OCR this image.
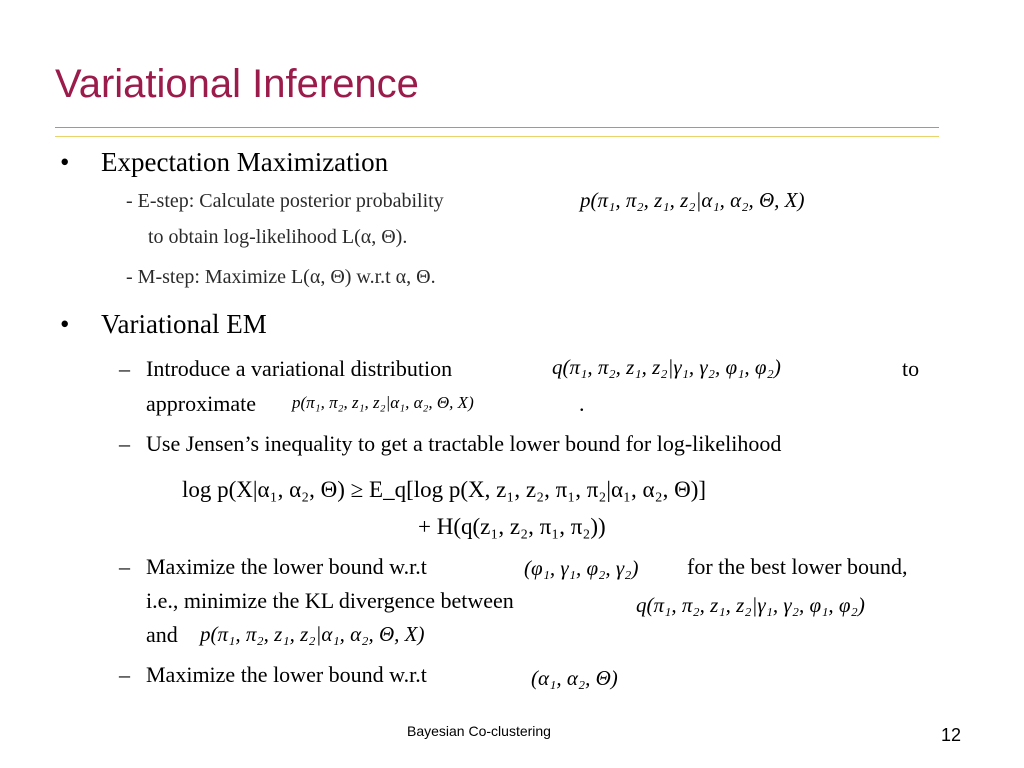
Variational Inference
• Expectation Maximization
- E-step: Calculate posterior probability	p(π₁, π₂, z₁, z₂|α₁, α₂, Θ, X)
to obtain log-likelihood L(α, Θ).
- M-step: Maximize L(α, Θ) w.r.t α, Θ.
• Variational EM
– Introduce a variational distribution	q(π₁, π₂, z₁, z₂|γ₁, γ₂, φ₁, φ₂)	to
approximate p(π₁, π₂, z₁, z₂|α₁, α₂, Θ, X)	.
– Use Jensen’s inequality to get a tractable lower bound for log-likelihood
log p(X|α₁, α₂, Θ) ≥ E_q[log p(X, z₁, z₂, π₁, π₂|α₁, α₂, Θ)]
+ H(q(z₁, z₂, π₁, π₂))
– Maximize the lower bound w.r.t	(φ₁, γ₁, φ₂, γ₂) for the best lower bound,
i.e., minimize the KL divergence between	q(π₁, π₂, z₁, z₂|γ₁, γ₂, φ₁, φ₂)
and p(π₁, π₂, z₁, z₂|α₁, α₂, Θ, X)
– Maximize the lower bound w.r.t	(α₁, α₂, Θ)
Bayesian Co-clustering	12
